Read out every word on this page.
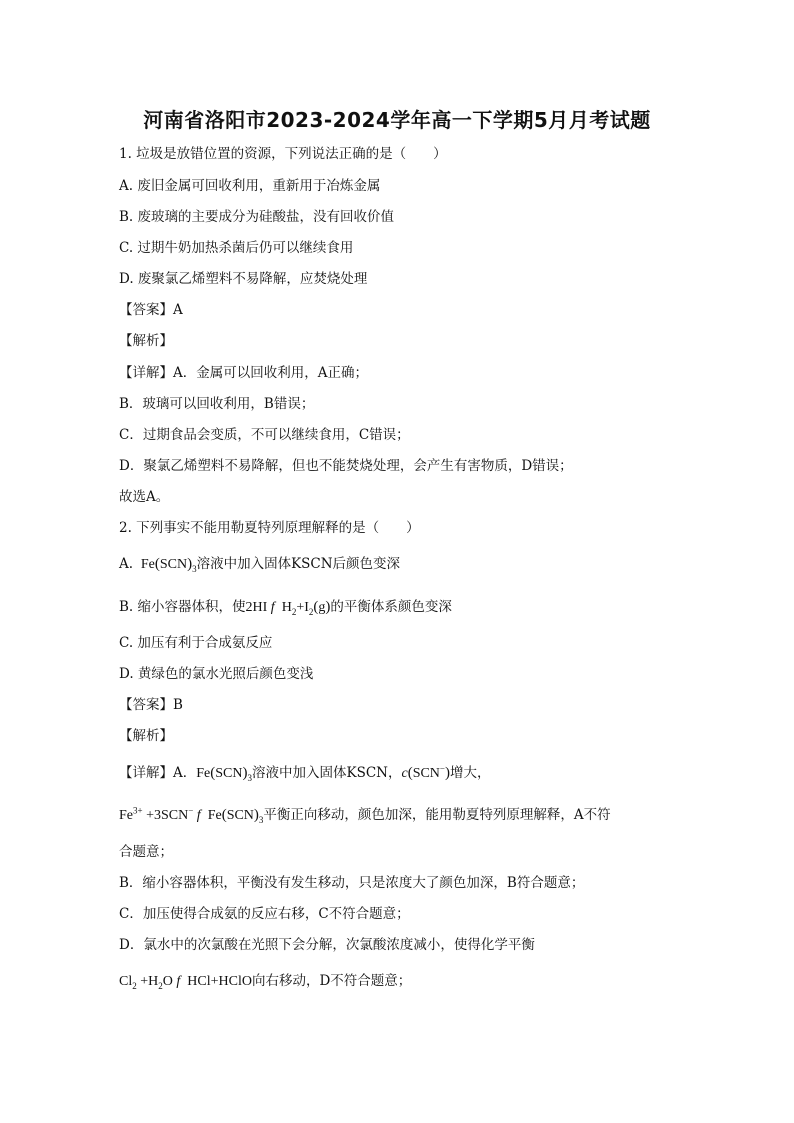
河南省洛阳市2023-2024学年高一下学期5月月考试题
1. 垃圾是放错位置的资源，下列说法正确的是（　　）
A. 废旧金属可回收利用，重新用于冶炼金属
B. 废玻璃的主要成分为硅酸盐，没有回收价值
C. 过期牛奶加热杀菌后仍可以继续食用
D. 废聚氯乙烯塑料不易降解，应焚烧处理
【答案】A
【解析】
【详解】A．金属可以回收利用，A正确；
B．玻璃可以回收利用，B错误；
C．过期食品会变质，不可以继续食用，C错误；
D．聚氯乙烯塑料不易降解，但也不能焚烧处理，会产生有害物质，D错误；
故选A。
2. 下列事实不能用勒夏特列原理解释的是（　　）
A.  $Fe(SCN)_3$溶液中加入固体KSCN后颜色变深
B. 缩小容器体积，使2HI f  $H_2+I_2(g)$的平衡体系颜色变深
C. 加压有利于合成氨反应
D. 黄绿色的氯水光照后颜色变浅
【答案】B
【解析】
【详解】A．$Fe(SCN)_3$溶液中加入固体KSCN，c(SCN−)增大，
$Fe^{3+} +3SCN^-$ f  $Fe(SCN)_3$平衡正向移动，颜色加深，能用勒夏特列原理解释，A不符
合题意；
B．缩小容器体积，平衡没有发生移动，只是浓度大了颜色加深，B符合题意；
C．加压使得合成氨的反应右移，C不符合题意；
D．氯水中的次氯酸在光照下会分解，次氯酸浓度减小，使得化学平衡
$Cl_2 +H_2O$ f  HCl+HClO向右移动，D不符合题意；
